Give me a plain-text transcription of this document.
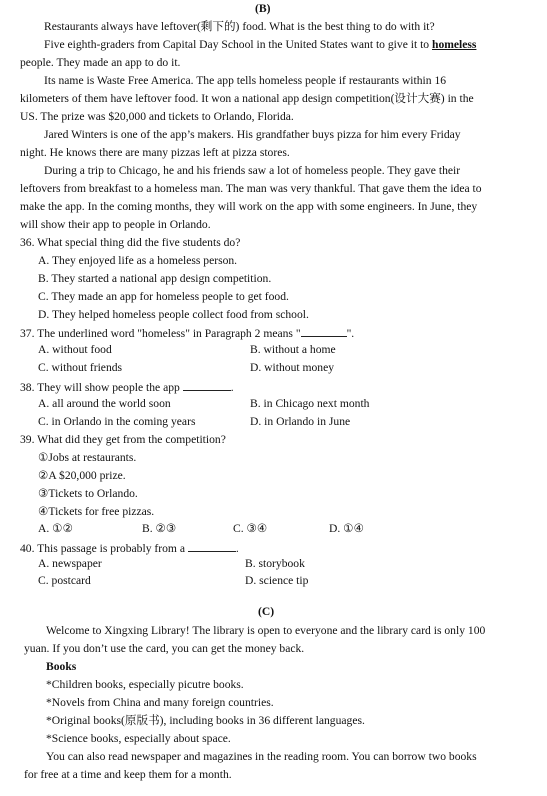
(B)
Restaurants always have leftover(剩下的) food. What is the best thing to do with it?
Five eighth-graders from Capital Day School in the United States want to give it to homeless
people. They made an app to do it.
Its name is Waste Free America. The app tells homeless people if restaurants within 16
kilometers of them have leftover food. It won a national app design competition(设计大赛) in the
US. The prize was $20,000 and tickets to Orlando, Florida.
Jared Winters is one of the app’s makers. His grandfather buys pizza for him every Friday
night. He knows there are many pizzas left at pizza stores.
During a trip to Chicago, he and his friends saw a lot of homeless people. They gave their
leftovers from breakfast to a homeless man. The man was very thankful. That gave them the idea to
make the app. In the coming months, they will work on the app with some engineers. In June, they
will show their app to people in Orlando.
36. What special thing did the five students do?
A. They enjoyed life as a homeless person.
B. They started a national app design competition.
C. They made an app for homeless people to get food.
D. They helped homeless people collect food from school.
37. The underlined word "homeless" in Paragraph 2 means "	".
A. without food	B. without a home
C. without friends	D. without money
38. They will show people the app	.
A. all around the world soon	B. in Chicago next month
C. in Orlando in the coming years	D. in Orlando in June
39. What did they get from the competition?
①Jobs at restaurants.
②A $20,000 prize.
③Tickets to Orlando.
④Tickets for free pizzas.
A. ①②	B. ②③	C. ③④	D. ①④
40. This passage is probably from a	.
A. newspaper	B. storybook
C. postcard	D. science tip
(C)
Welcome to Xingxing Library! The library is open to everyone and the library card is only 100
yuan. If you don’t use the card, you can get the money back.
Books
*Children books, especially picutre books.
*Novels from China and many foreign countries.
*Original books(原版书), including books in 36 different languages.
*Science books, especially about space.
You can also read newspaper and magazines in the reading room. You can borrow two books
for free at a time and keep them for a month.
